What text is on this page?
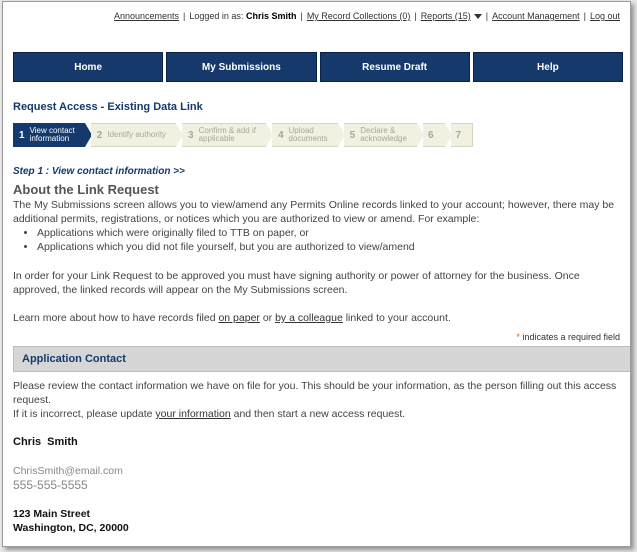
Announcements | Logged in as: Chris Smith | My Record Collections (0) | Reports (15) | Account Management | Log out
Home	My Submissions	Resume Draft	Help
Request Access - Existing Data Link
1 View contact
information	2 Identify authority 3 Confirm & add if
applicable	4 Upload
documents 5 Declare &
acknowledge 6 7
Step 1 : View contact information >>
About the Link Request
The My Submissions screen allows you to view/amend any Permits Online records linked to your account; however, there may be additional permits, registrations, or notices which you are authorized to view or amend. For example:
• Applications which were originally filed to TTB on paper, or
• Applications which you did not file yourself, but you are authorized to view/amend
In order for your Link Request to be approved you must have signing authority or power of attorney for the business. Once approved, the linked records will appear on the My Submissions screen.
Learn more about how to have records filed on paper or by a colleague linked to your account.
* indicates a required field
Application Contact
Please review the contact information we have on file for you. This should be your information, as the person filling out this access request.
If it is incorrect, please update your information and then start a new access request.
Chris Smith
ChrisSmith@email.com
555-555-5555
123 Main Street
Washington, DC, 20000
